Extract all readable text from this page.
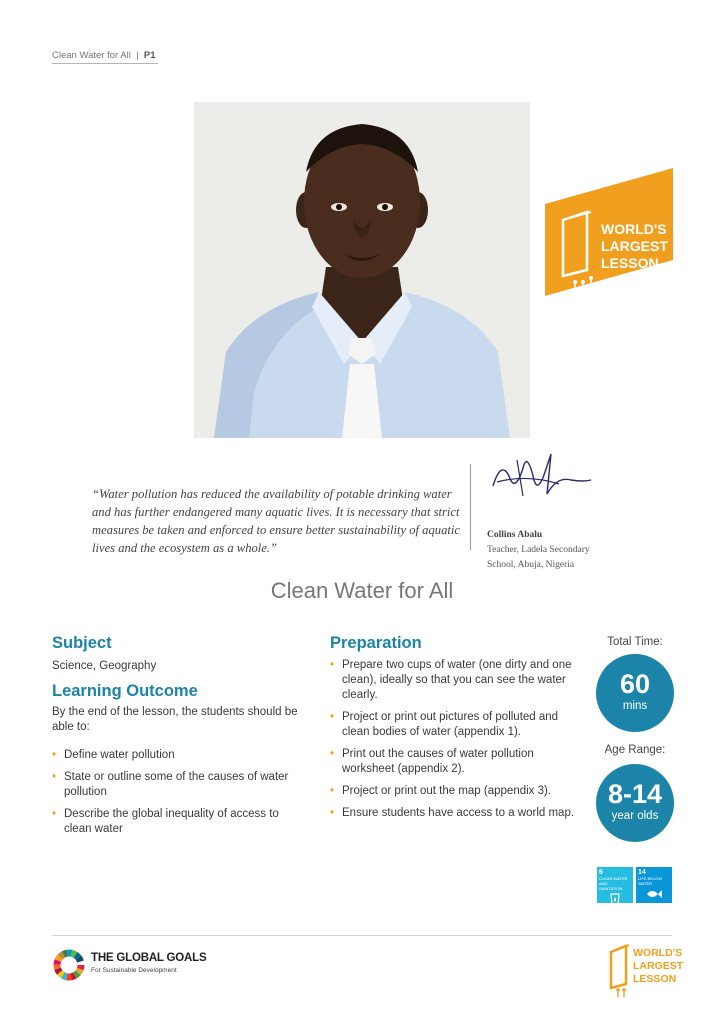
Clean Water for All | P1
WORLD'S
LARGEST
LESSON
“Water pollution has reduced the availability of potable drinking water and has further endangered many aquatic lives. It is necessary that strict measures be taken and enforced to ensure better sustainability of aquatic lives and the ecosystem as a whole.”
Collins Abalu
Teacher, Ladela Secondary School, Abuja, Nigeria
Clean Water for All
Subject
Science, Geography
Learning Outcome
By the end of the lesson, the students should be able to:
• Define water pollution
• State or outline some of the causes of water pollution
• Describe the global inequality of access to clean water
Preparation
• Prepare two cups of water (one dirty and one clean), ideally so that you can see the water clearly.
• Project or print out pictures of polluted and clean bodies of water (appendix 1).
• Print out the causes of water pollution worksheet (appendix 2).
• Project or print out the map (appendix 3).
• Ensure students have access to a world map.
Total Time:
60
mins
Age Range:
8-14
year olds
6
CLEAN WATER AND SANITATION
14
LIFE BELOW WATER
THE GLOBAL GOALS
For Sustainable Development
WORLD'S
LARGEST
LESSON
